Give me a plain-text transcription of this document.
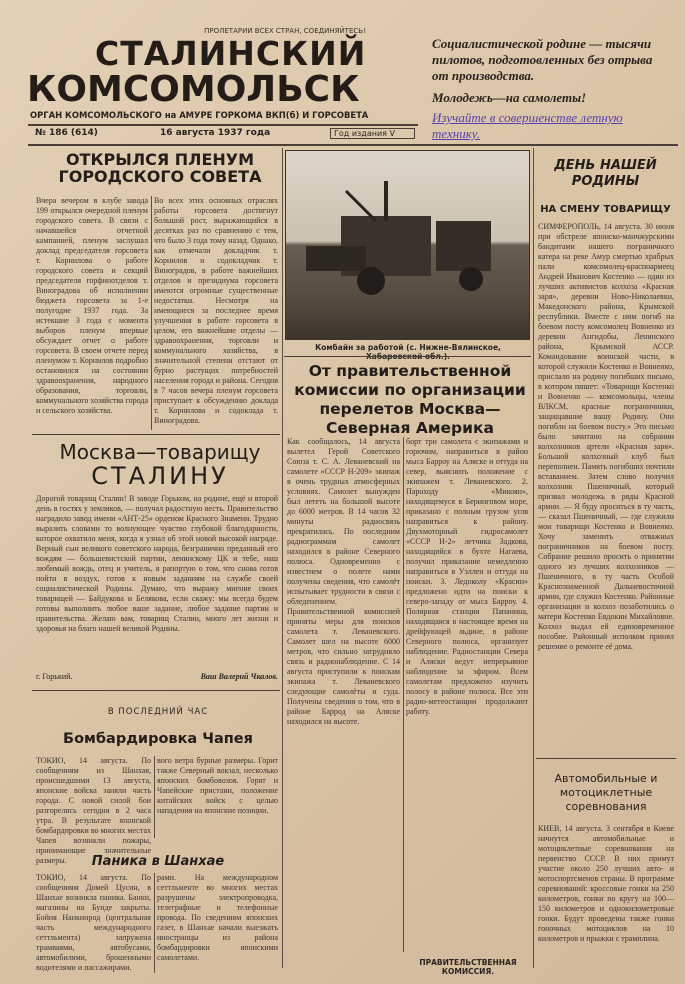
ПРОЛЕТАРИИ ВСЕХ СТРАН, СОЕДИНЯЙТЕСЬ!
СТАЛИНСКИЙ
КОМСОМОЛЬСК
ОРГАН КОМСОМОЛЬСКОГО на АМУРЕ ГОРКОМА ВКП(б) И ГОРСОВЕТА
№ 186 (614)	16 августа 1937 года	Год издания V
Социалистической родине — тысячи пилотов, подготовленных без отрыва от производства.
Молодежь—на самолеты!
Изучайте в совершенстве летную технику.
ОТКРЫЛСЯ ПЛЕНУМ ГОРОДСКОГО СОВЕТА

Вчера вечером в клубе завода 199 открылся очередной пленум городского совета. В связи с начавшейся отчетной кампанией, пленум заслушал доклад председателя горсовета т. Корнилова о работе городского совета и секций председателя горфинотделов т. Виноградова об исполнении бюджета горсовета за 1-е полугодие 1937 года. За истекшие 3 года с момента выборов пленум впервые обсуждает отчет о работе горсовета. В своем отчете перед пленумом т. Корнилов подробно остановился на состоянии здравоохранения, народного образования, торговли, коммунального хозяйства города и сельского хозяйства.

Во всех этих основных отраслях работы горсовета достигнут большой рост, выражающийся в десятках раз по сравнению с тем, что было 3 года тому назад. Однако, как отмечали докладчик т. Корнилов и содокладчик т. Виноградов, в работе важнейших отделов и президиума горсовета имеются огромные существенные недостатки. Несмотря на имеющиеся за последнее время улучшения в работе горсовета в целом, его важнейшие отделы — здравоохранения, торговли и коммунального хозяйства, в значительной степени отстают от бурно растущих потребностей населения города и района. Сегодня в 7 часов вечера пленум горсовета приступает к обсуждению доклада т. Корнилова и содоклада т. Виноградова.

Комбайн за работой (с. Нижне-Вялинское,
От правительственной комиссии по организации перелетов Москва—Северная Америка

Как сообщалось, 14 августа вылетел Герой Советского Союза т. С. А. Леваневский на самолете «СССР Н-209» экипаж в очень трудных атмосферных условиях. Самолет вынужден был лететь на большой высоте до 6000 метров. В 14 часов 32 минуты радиосвязь прекратилась. По последним радиограммам самолет находился в районе Северного полюса. Одновременно с известием о полете нами получены сведения, что самолёт испытывает трудности в связи с обледенением. Правительственной комиссией приняты меры для поисков самолета т. Леваневского. Самолет шел на высоте 6000 метров, что сильно затрудняло связь и радионаблюдение. С 14 августа приступили к поискам экипажа т. Леваневского следующие самолёты и суда. Получены сведения о том, что в районе Баррод на Аляске находился на высоте.

борт три самолета с экипажами и горючим, направиться в район мыса Барроу на Аляске и оттуда на север, выяснить положение с экипажем т. Леваневского. 2. Пароходу «Микоян», находящемуся в Беринговом море, приказано с полным грузом угля направиться к району. Двухмоторный гидросамолет «СССР Н-2» летчика Задкова, находящийся в бухте Нагаева, получил приказание немедленно направиться в Уэллен и оттуда на поиски. 3. Ледоколу «Красин» предложено идти на поиски к северо-западу от мыса Барроу. 4. Полярная станция Папанина, находящаяся в настоящее время на дрейфующей льдине, в районе Северного полюса, организует наблюдение. Радиостанции Севера и Аляски ведут непрерывное наблюдение за эфиром. Всем самолетам предложено изучить полосу в районе полюса. Все эти радио-метеостанции продолжают работу.

ПРАВИТЕЛЬСТВЕННАЯ КОМИССИЯ.
Москва—товарищу
СТАЛИНУ

Дорогой товарищ Сталин! В заводе Горьком, на родине, ещё и второй день в гостях у земляков, — получал радостную весть. Правительство наградило завод имени «АНТ-25» орденом Красного Знамени. Трудно выразить словами то волнующее чувство глубокой благодарности, которое охватило меня, когда я узнал об этой новой высокой награде. Верный сын великого советского народа, безгранично преданный его вождям — большевистской партии, ленинскому ЦК и тебе, наш любимый вождь, отец и учитель, я рапортую о том, что снова готов пойти в воздух, готов к новым заданиям на службе своей социалистической Родины. Думаю, что выражу мнение своих товарищей — Байдукова и Белякова, если скажу: мы всегда будем готовы выполнить любое ваше задание, любое задание партии и правительства. Желаю вам, товарищ Сталин, много лет жизни и здоровья на благо нашей великой Родины.

г. Горький.	Ваш Валерий Чкалов.
В ПОСЛЕДНИЙ ЧАС
Бомбардировка Чапея

ТОКИО, 14 августа. По сообщениям из Шанхая, происшедшими 13 августа, японские войска заняли часть города. С новой силой бои разгорелись сегодня в 2 часа утра. В результате японской бомбардировки во многих местах Чапея возникли пожары, принимающие значительные размеры.

вого ветра бурные размеры. Горит также Северный вокзал, несколько японских бомбовозов. Горят и Чапейские пристани, положение китайских войск с целью нападения на японские позиции.

Паника в Шанхае

ТОКИО, 14 августа. По сообщениям Домей Цусин, в Шанхае возникла паника. Банки, магазины на Бунде закрыты. Бойня Нанкинрод (центральная часть международного сеттльмента) запружена трамваями, автобусами, автомобилями, брошенными водителями и пассажирами.

рами. На международном сеттльменте во многих местах разрушены электропроводка, телеграфные и телефонные провода. По сведениям японских газет, в Шанхае начали выезжать иностранцы из района бомбардировки японскими самолетами.

ДЕНЬ НАШЕЙ РОДИНЫ
НА СМЕНУ ТОВАРИЩУ

СИМФЕРОПОЛЬ, 14 августа. 30 июня при обстреле японско-манчжурскими бандитами нашего пограничного катера на реке Амур смертью храбрых пали комсомолец-красноармеец Андрей Иванович Костенко — один из лучших активистов колхоза «Красная заря», деревни Ново-Николаевки, Македонского района, Крымской республики. Вместе с ним погиб на боевом посту комсомолец Вовненко из деревни Ангидобы, Ленинского района, Крымской АССР. Командование воинской части, в которой служили Костенко и Вовненко, прислало на родину погибших письмо, в котором пишет: «Товарищи Костенко и Вовненко — комсомольцы, члены ВЛКСМ, красные пограничники, защищавшие вашу Родину. Они погибли на боевом посту.» Это письмо было зачитано на собрании колхозников артели «Красная заря». Большой колхозный клуб был переполнен. Память погибших почтили вставанием. Затем слово получил колхозник Пшеничный, который призвал молодежь в ряды Красной армии. — Я буду проситься в ту часть, — сказал Пшеничный, — где служили мои товарищи Костенко и Вовненко. Хочу заменить отважных пограничников на боевом посту. Собрание решило просить о принятии одного из лучших колхозников — Пшеничного, в ту часть Особой Краснознаменной Дальневосточной армии, где служил Костенко. Районные организации и колхоз позаботились о матери Костенко Евдокии Михайловне. Колхоз выдал ей единовременное пособие. Районный исполком принял решение о ремонте её дома.

Автомобильные и мотоциклетные соревнования

КИЕВ, 14 августа. 3 сентября в Киеве начнутся автомобильные и мотоциклетные соревнования на первенство СССР. В них примут участие около 250 лучших авто- и мотоспортсменов страны. В программе соревнований: кроссовые гонки на 250 километров, гонки по кругу на 100—150 километров и однокилометровые гонки. Будут проведены также гонки гоночных мотоциклов на 10 километров и прыжки с трамплина.
